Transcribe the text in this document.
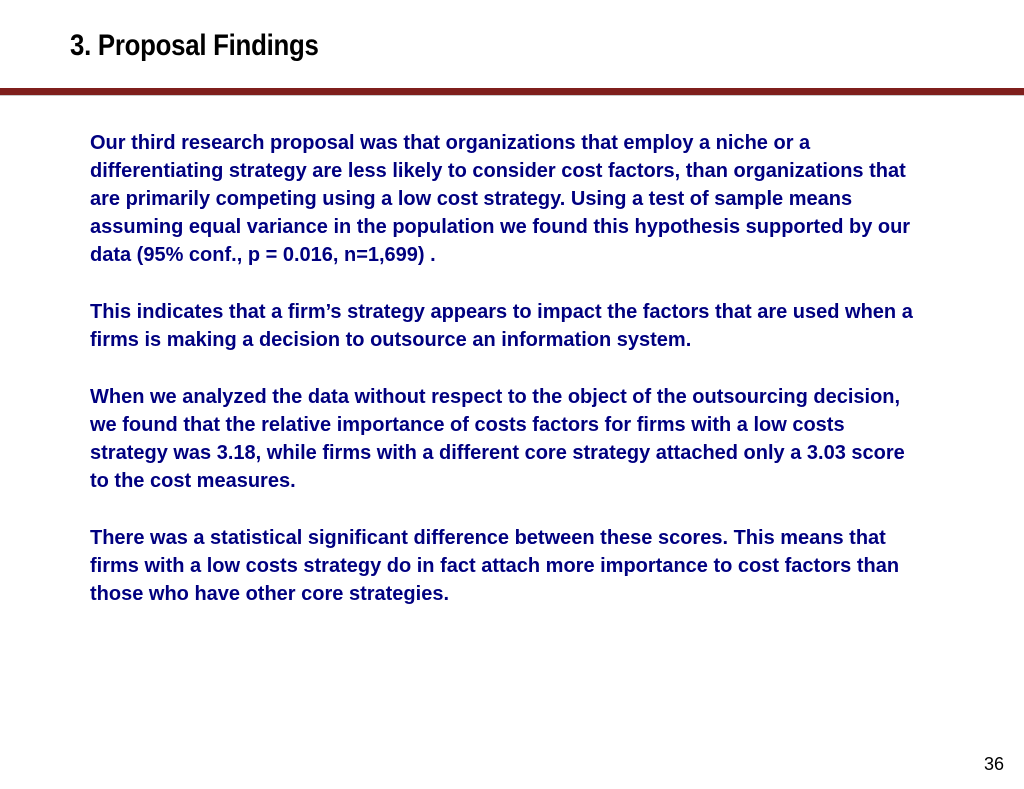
3. Proposal Findings

Our third research proposal was that organizations that employ a niche or a differentiating strategy are less likely to consider cost factors, than organizations that are primarily competing using a low cost strategy. Using a test of sample means assuming equal variance in the population we found this hypothesis supported by our data (95% conf., p = 0.016, n=1,699) .

This indicates that a firm’s strategy appears to impact the factors that are used when a firms is making a decision to outsource an information system.

When we analyzed the data without respect to the object of the outsourcing decision, we found that the relative importance of costs factors for firms with a low costs strategy was 3.18, while firms with a different core strategy attached only a 3.03 score to the cost measures.

There was a statistical significant difference between these scores. This means that firms with a low costs strategy do in fact attach more importance to cost factors than those who have other core strategies.

36
